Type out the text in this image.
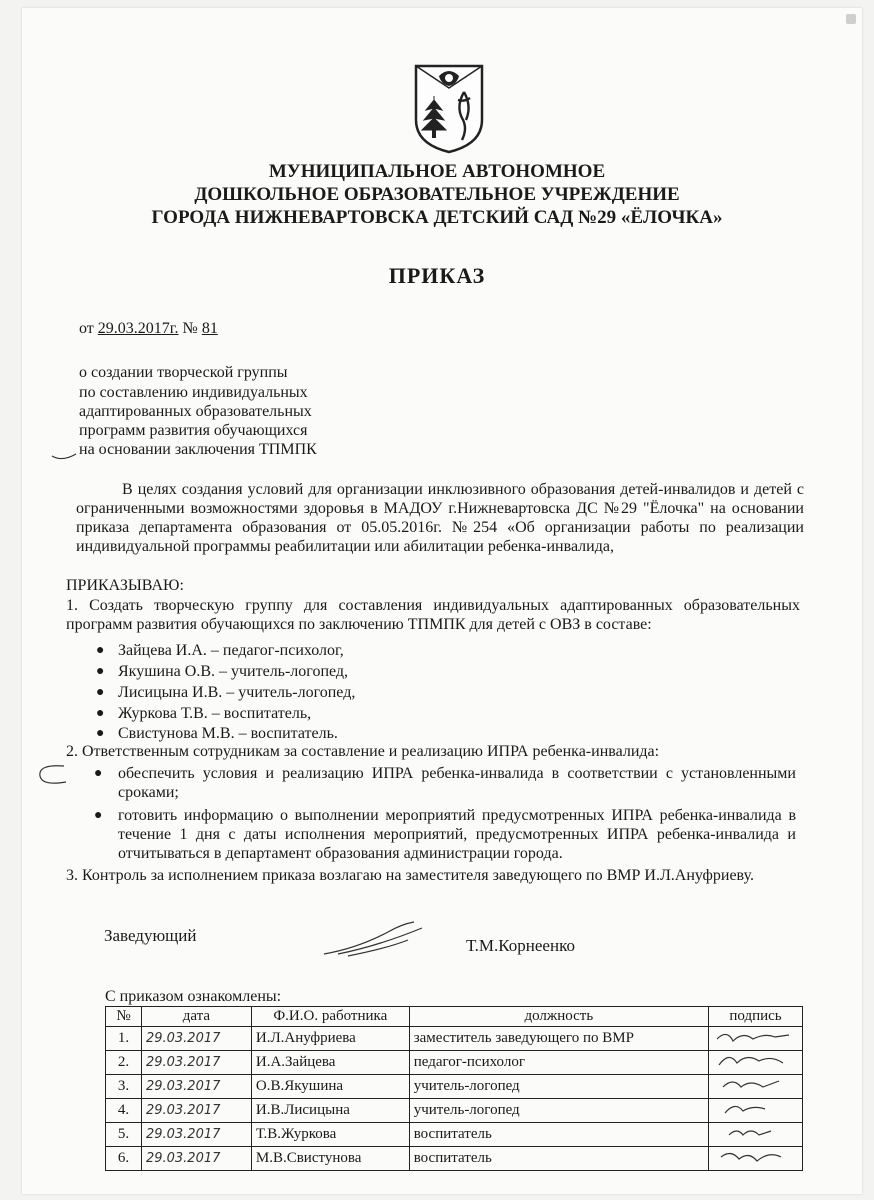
МУНИЦИПАЛЬНОЕ АВТОНОМНОЕ
ДОШКОЛЬНОЕ ОБРАЗОВАТЕЛЬНОЕ УЧРЕЖДЕНИЕ
ГОРОДА НИЖНЕВАРТОВСКА ДЕТСКИЙ САД №29 «ЁЛОЧКА»
ПРИКАЗ
от 29.03.2017г. № 81
о создании творческой группы
по составлению индивидуальных
адаптированных образовательных
программ развития обучающихся
на основании заключения ТПМПК
В целях создания условий для организации инклюзивного образования детей-инвалидов и детей с ограниченными возможностями здоровья в МАДОУ г.Нижневартовска ДС №29 "Ёлочка" на основании приказа департамента образования от 05.05.2016г. №254 «Об организации работы по реализации индивидуальной программы реабилитации или абилитации ребенка-инвалида,
ПРИКАЗЫВАЮ:
1. Создать творческую группу для составления индивидуальных адаптированных образовательных программ развития обучающихся по заключению ТПМПК для детей с ОВЗ в составе:
● Зайцева И.А. – педагог-психолог,
● Якушина О.В. – учитель-логопед,
● Лисицына И.В. – учитель-логопед,
● Журкова Т.В. – воспитатель,
● Свистунова М.В. – воспитатель.
2. Ответственным сотрудникам за составление и реализацию ИПРА ребенка-инвалида:
● обеспечить условия и реализацию ИПРА ребенка-инвалида в соответствии с установленными сроками;
● готовить информацию о выполнении мероприятий предусмотренных ИПРА ребенка-инвалида в течение 1 дня с даты исполнения мероприятий, предусмотренных ИПРА ребенка-инвалида и отчитываться в департамент образования администрации города.
3. Контроль за исполнением приказа возлагаю на заместителя заведующего по ВМР И.Л.Ануфриеву.
Заведующий
Т.М.Корнеенко
С приказом ознакомлены:
№	дата	Ф.И.О. работника	должность	подпись
1.	29.03.2017	И.Л.Ануфриева	заместитель заведующего по ВМР	
2.	29.03.2017	И.А.Зайцева	педагог-психолог	
3.	29.03.2017	О.В.Якушина	учитель-логопед	
4.	29.03.2017	И.В.Лисицына	учитель-логопед	
5.	29.03.2017	Т.В.Журкова	воспитатель	
6.	29.03.2017	М.В.Свистунова	воспитатель	
